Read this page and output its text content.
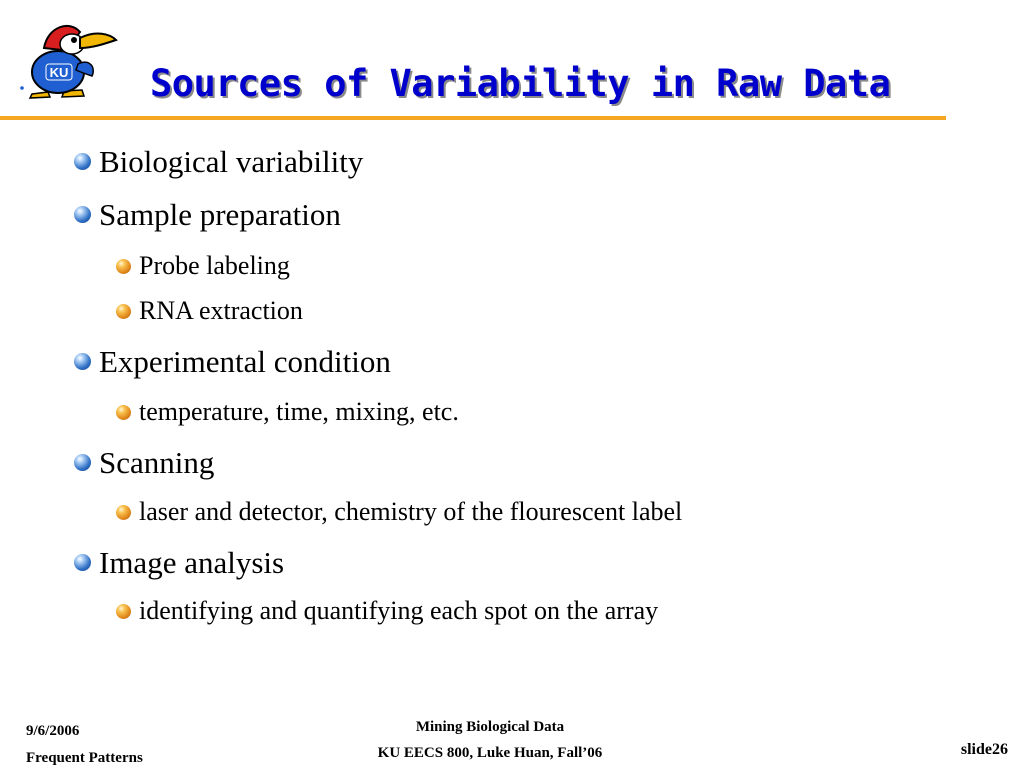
KU Sources of Variability in Raw Data
Biological variability
Sample preparation
Probe labeling
RNA extraction
Experimental condition
temperature, time, mixing, etc.
Scanning
laser and detector, chemistry of the flourescent label
Image analysis
identifying and quantifying each spot on the array
9/6/2006
Frequent Patterns
Mining Biological Data
KU EECS 800, Luke Huan, Fall’06	slide26
